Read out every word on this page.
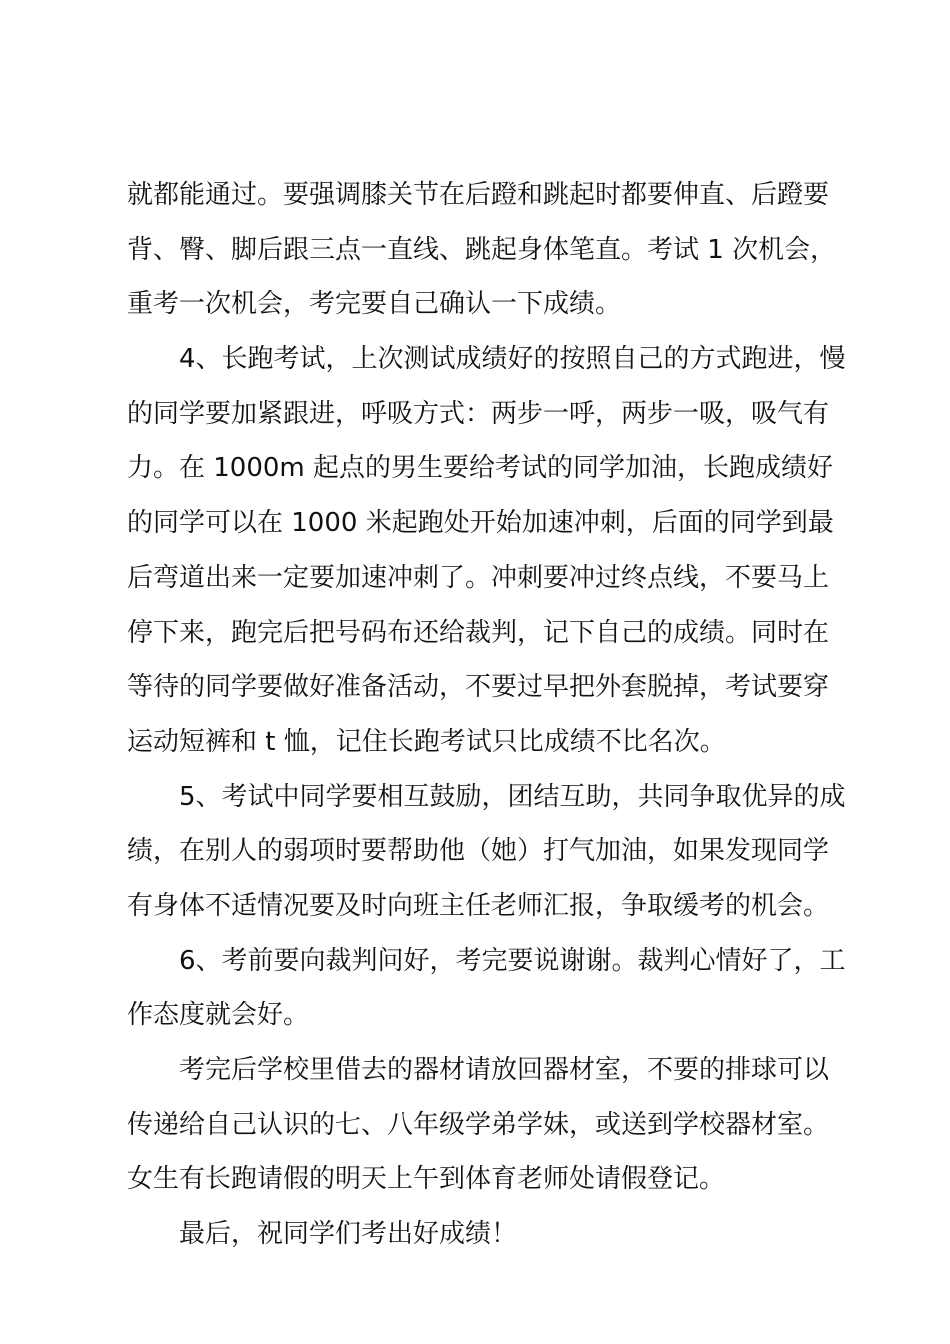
就都能通过。要强调膝关节在后蹬和跳起时都要伸直、后蹬要
背、臀、脚后跟三点一直线、跳起身体笔直。考试 1 次机会，
重考一次机会，考完要自己确认一下成绩。
4、长跑考试，上次测试成绩好的按照自己的方式跑进，慢
的同学要加紧跟进，呼吸方式：两步一呼，两步一吸，吸气有
力。在 1000m 起点的男生要给考试的同学加油，长跑成绩好
的同学可以在 1000 米起跑处开始加速冲刺，后面的同学到最
后弯道出来一定要加速冲刺了。冲刺要冲过终点线，不要马上
停下来，跑完后把号码布还给裁判，记下自己的成绩。同时在
等待的同学要做好准备活动，不要过早把外套脱掉，考试要穿
运动短裤和 t 恤，记住长跑考试只比成绩不比名次。
5、考试中同学要相互鼓励，团结互助，共同争取优异的成
绩，在别人的弱项时要帮助他（她）打气加油，如果发现同学
有身体不适情况要及时向班主任老师汇报，争取缓考的机会。
6、考前要向裁判问好，考完要说谢谢。裁判心情好了，工
作态度就会好。
考完后学校里借去的器材请放回器材室，不要的排球可以
传递给自己认识的七、八年级学弟学妹，或送到学校器材室。
女生有长跑请假的明天上午到体育老师处请假登记。
最后，祝同学们考出好成绩！
